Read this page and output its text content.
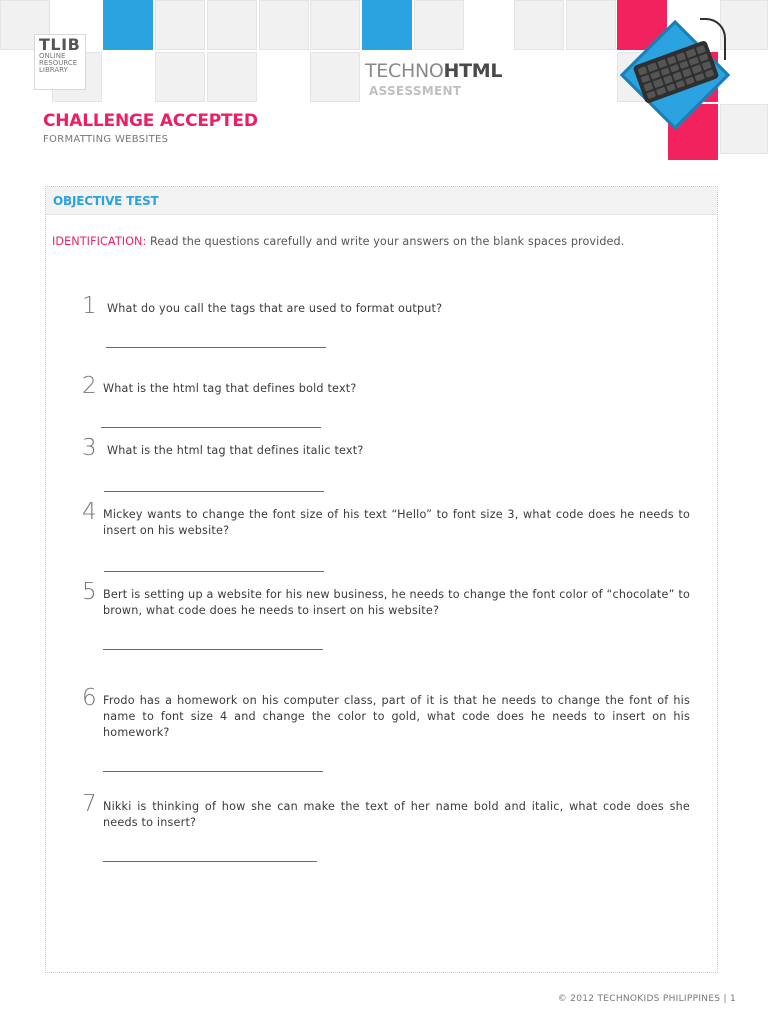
TLIB
ONLINE
RESOURCE
LIBRARY	TECHNOHTML
ASSESSMENT
CHALLENGE ACCEPTED
FORMATTING WEBSITES
OBJECTIVE TEST
IDENTIFICATION: Read the questions carefully and write your answers on the blank spaces provided.
1 What do you call the tags that are used to format output?
2 What is the html tag that defines bold text?
3 What is the html tag that defines italic text?
4 Mickey wants to change the font size of his text “Hello” to font size 3, what code does he needs to insert on his website?
5 Bert is setting up a website for his new business, he needs to change the font color of “chocolate” to brown, what code does he needs to insert on his website?
6 Frodo has a homework on his computer class, part of it is that he needs to change the font of his name to font size 4 and change the color to gold, what code does he needs to insert on his homework?
7 Nikki is thinking of how she can make the text of her name bold and italic, what code does she needs to insert?
© 2012 TECHNOKIDS PHILIPPINES | 1
